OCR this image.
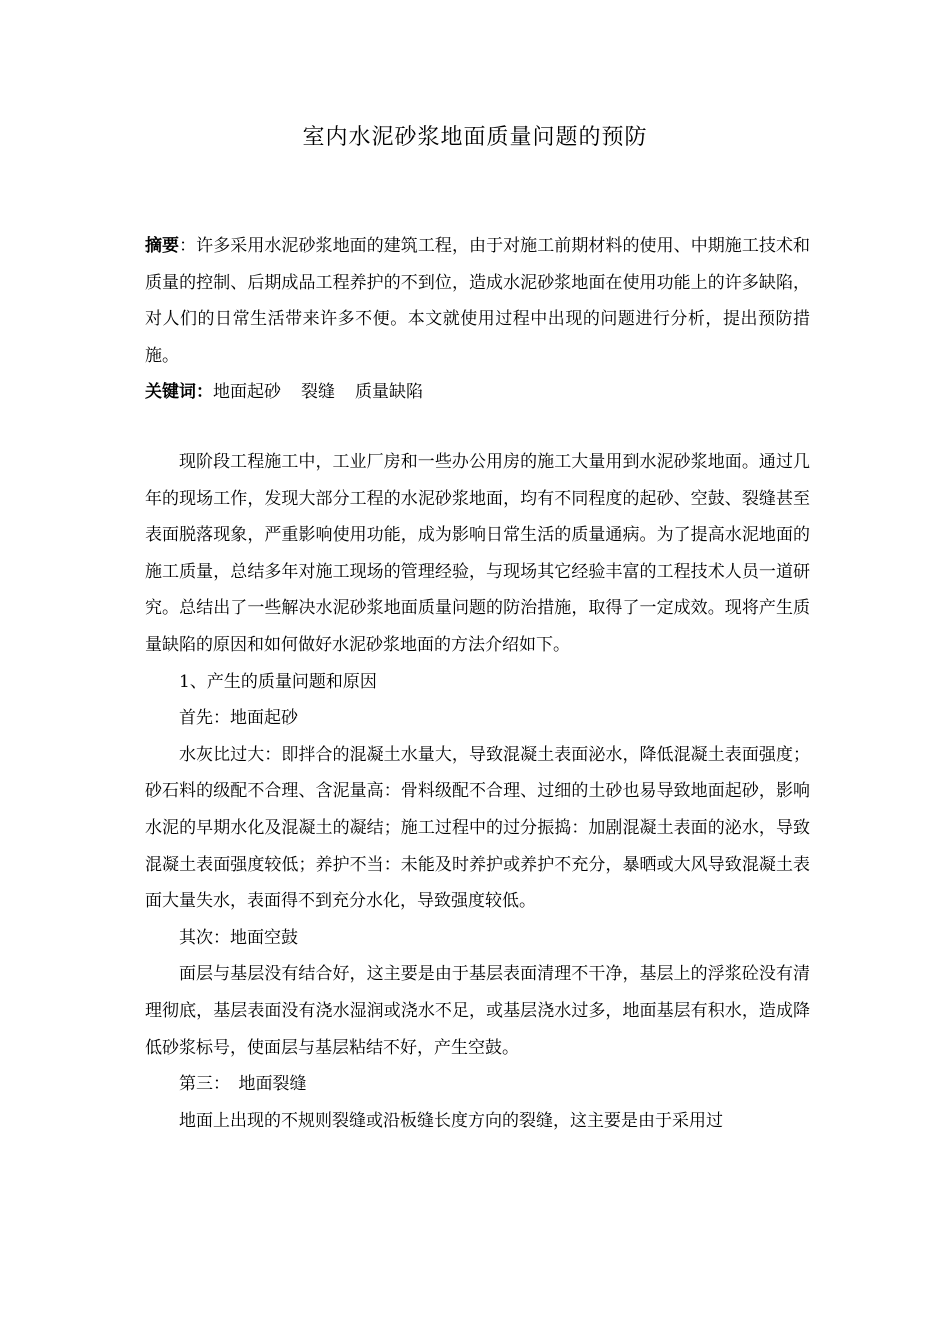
室内水泥砂浆地面质量问题的预防

摘要：许多采用水泥砂浆地面的建筑工程，由于对施工前期材料的使用、中期施工技术和质量的控制、后期成品工程养护的不到位，造成水泥砂浆地面在使用功能上的许多缺陷，对人们的日常生活带来许多不便。本文就使用过程中出现的问题进行分析，提出预防措施。

关键词：地面起砂 裂缝 质量缺陷

现阶段工程施工中，工业厂房和一些办公用房的施工大量用到水泥砂浆地面。通过几年的现场工作，发现大部分工程的水泥砂浆地面，均有不同程度的起砂、空鼓、裂缝甚至表面脱落现象，严重影响使用功能，成为影响日常生活的质量通病。为了提高水泥地面的施工质量，总结多年对施工现场的管理经验，与现场其它经验丰富的工程技术人员一道研究。总结出了一些解决水泥砂浆地面质量问题的防治措施，取得了一定成效。现将产生质量缺陷的原因和如何做好水泥砂浆地面的方法介绍如下。

1、产生的质量问题和原因

首先：地面起砂

水灰比过大：即拌合的混凝土水量大，导致混凝土表面泌水，降低混凝土表面强度；砂石料的级配不合理、含泥量高：骨料级配不合理、过细的土砂也易导致地面起砂，影响水泥的早期水化及混凝土的凝结；施工过程中的过分振捣：加剧混凝土表面的泌水，导致混凝土表面强度较低；养护不当：未能及时养护或养护不充分，暴晒或大风导致混凝土表面大量失水，表面得不到充分水化，导致强度较低。

其次：地面空鼓

面层与基层没有结合好，这主要是由于基层表面清理不干净，基层上的浮浆砼没有清理彻底，基层表面没有浇水湿润或浇水不足，或基层浇水过多，地面基层有积水，造成降低砂浆标号，使面层与基层粘结不好，产生空鼓。

第三：　地面裂缝

地面上出现的不规则裂缝或沿板缝长度方向的裂缝，这主要是由于采用过
